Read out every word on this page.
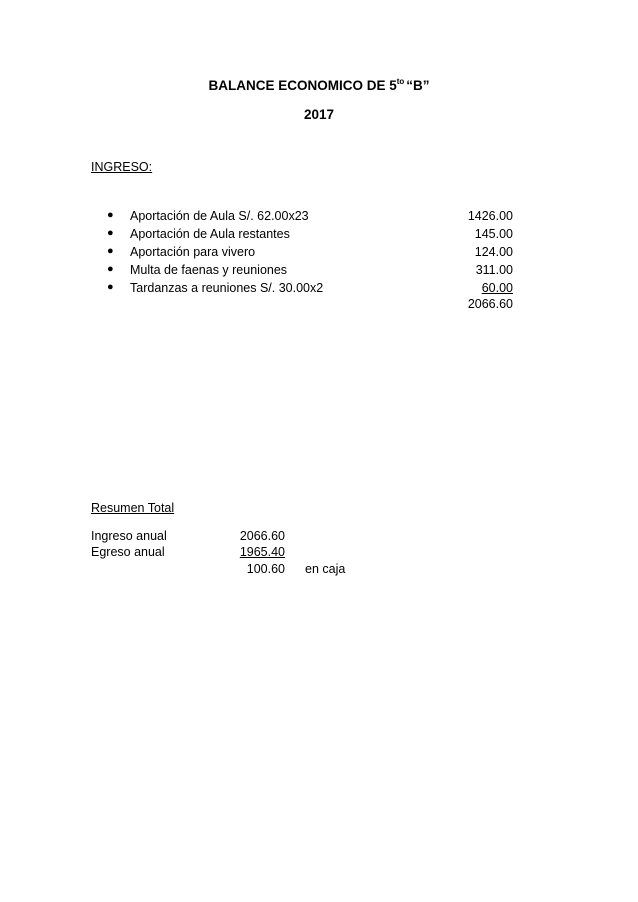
BALANCE ECONOMICO DE $5^{to}$ “B”
2017
INGRESO:
● Aportación de Aula S/. 62.00x23	1426.00
● Aportación de Aula restantes	145.00
● Aportación para vivero	124.00
● Multa de faenas y reuniones	311.00
● Tardanzas a reuniones S/. 30.00x2	60.00
2066.60
Resumen Total
Ingreso anual	2066.60
Egreso anual	1965.40
100.60 en caja
